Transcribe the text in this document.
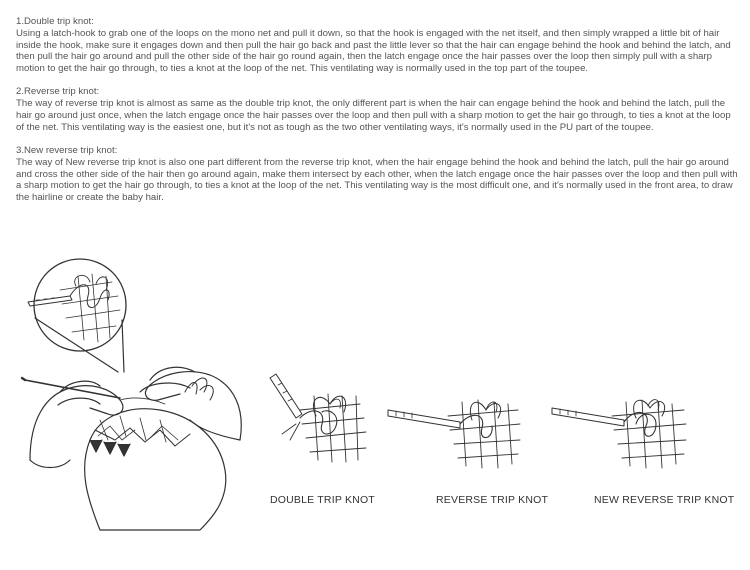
1.Double trip knot:

Using a latch-hook to grab one of the loops on the mono net and pull it down, so that the hook is engaged with the net itself, and then simply wrapped a little bit of hair inside the hook, make sure it engages down and then pull the hair go back and past the little lever so that the hair can engage behind the hook and behind the latch, and then pull the hair go around and pull the other side of the hair go round again, then the latch engage once the hair passes over the loop then simply pull with a sharp motion to get the hair go through, to ties a knot at the loop of the net. This ventilating way is normally used in the top part of the toupee.

2.Reverse trip knot:

The way of reverse trip knot is almost as same as the double trip knot, the only different part is when the hair can engage behind the hook and behind the latch, pull the hair go around just once, when the latch engage once the hair passes over the loop and then pull with a sharp motion to get the hair go through, to ties a knot at the loop of the net. This ventilating way is the easiest one, but it's not as tough as the two other ventilating ways, it's normally used in the PU part of the toupee.

3.New reverse trip knot:

The way of New reverse trip knot is also one part different from the reverse trip knot, when the hair engage behind the hook and behind the latch, pull the hair go around and cross the other side of the hair then go around again, make them intersect by each other, when the latch engage once the hair passes over the loop and then pull with a sharp motion to get the hair go through, to ties a knot at the loop of the net. This ventilating way is the most difficult one, and it's normally used in the front area, to draw the hairline or create the baby hair.

DOUBLE TRIP KNOT	REVERSE TRIP KNOT	NEW REVERSE TRIP KNOT
